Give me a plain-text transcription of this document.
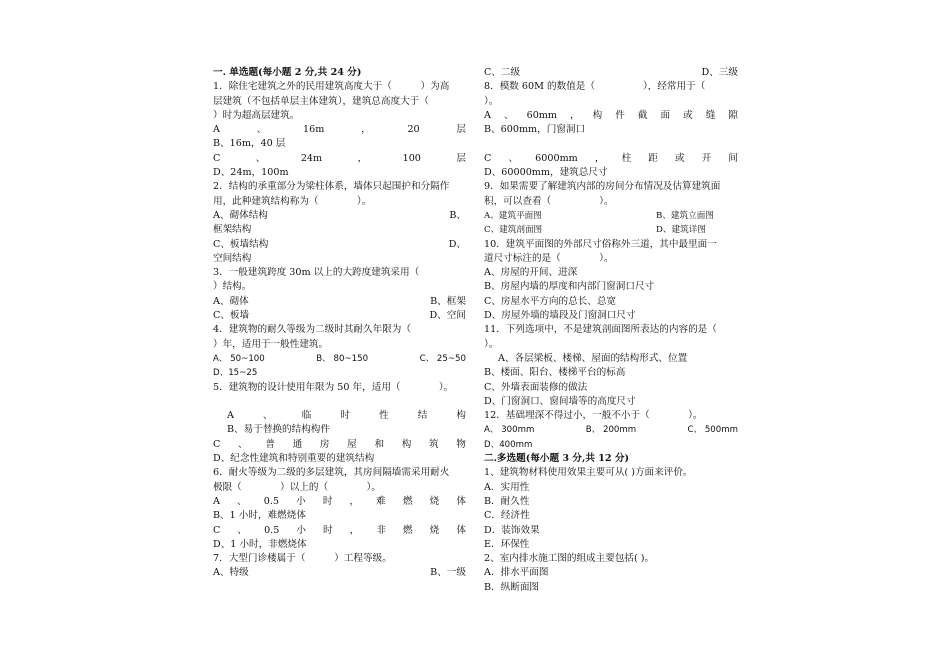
一. 单选题(每小题 2 分,共 24 分)
1．除住宅建筑之外的民用建筑高度大于（　　　）为高
层建筑（不包括单层主体建筑），建筑总高度大于（
）时为超高层建筑。
A	、	16m	，	20	层
B、16m，40 层
C	、	24m	，	100	层
D、24m，100m
2．结构的承重部分为梁柱体系，墙体只起围护和分隔作
用，此种建筑结构称为（　　　　）。
A、砌体结构	B、
框架结构
C、板墙结构	D、
空间结构
3．一般建筑跨度 30m 以上的大跨度建筑采用（
）结构。
A、砌体	B、框架
C、板墙	D、空间
4．建筑物的耐久等级为二级时其耐久年限为（
）年，适用于一般性建筑。
A、 50~100	B、 80~150	C、 25~50
D、15~25
5．建筑物的设计使用年限为 50 年，适用（　　　　）。
A	、	临	时	性	结	构
B、易于替换的结构构件
C 、 普 通 房 屋 和 构 筑 物
D、纪念性建筑和特别重要的建筑结构
6．耐火等级为二级的多层建筑，其房间隔墙需采用耐火
极限（　　　　）以上的（　　　　）。
A 、 0.5 小 时 ， 难 燃 烧 体
B、1 小时，难燃烧体
C 、 0.5 小 时 ， 非 燃 烧 体
D、1 小时，非燃烧体
7．大型门诊楼属于（　　　）工程等级。
A、特级	B、一级
C、二级	D、三级
8．模数 60M 的数值是（　　　　　），经常用于（
）。
A 、 60mm ， 构 件 截 面 或 缝 隙
B、600mm，门窗洞口
C 、 6000mm ， 柱 距 或 开 间
D、60000mm，建筑总尺寸
9．如果需要了解建筑内部的房间分布情况及估算建筑面
积，可以查看（　　　　　）。
A、建筑平面图	B、建筑立面图
C、建筑剖面图	D、建筑详图
10．建筑平面图的外部尺寸俗称外三道，其中最里面一
道尺寸标注的是（　　　　）。
A、房屋的开间、进深
B、房屋内墙的厚度和内部门窗洞口尺寸
C、房屋水平方向的总长、总宽
D、房屋外墙的墙段及门窗洞口尺寸
11．下列选项中，不是建筑剖面图所表达的内容的是（
）。
A、各层梁板、楼梯、屋面的结构形式、位置
B、楼面、阳台、楼梯平台的标高
C、外墙表面装修的做法
D、门窗洞口、窗间墙等的高度尺寸
12．基础埋深不得过小，一般不小于（　　　　）。
A、 300mm	B、 200mm	C、 500mm
D、400mm
二.多选题(每小题 3 分,共 12 分)
1、建筑物材料使用效果主要可从( )方面来评价。
A．实用性
B．耐久性
C．经济性
D．装饰效果
E．环保性
2、室内排水施工图的组成主要包括( )。
A．排水平面图
B．纵断面图
